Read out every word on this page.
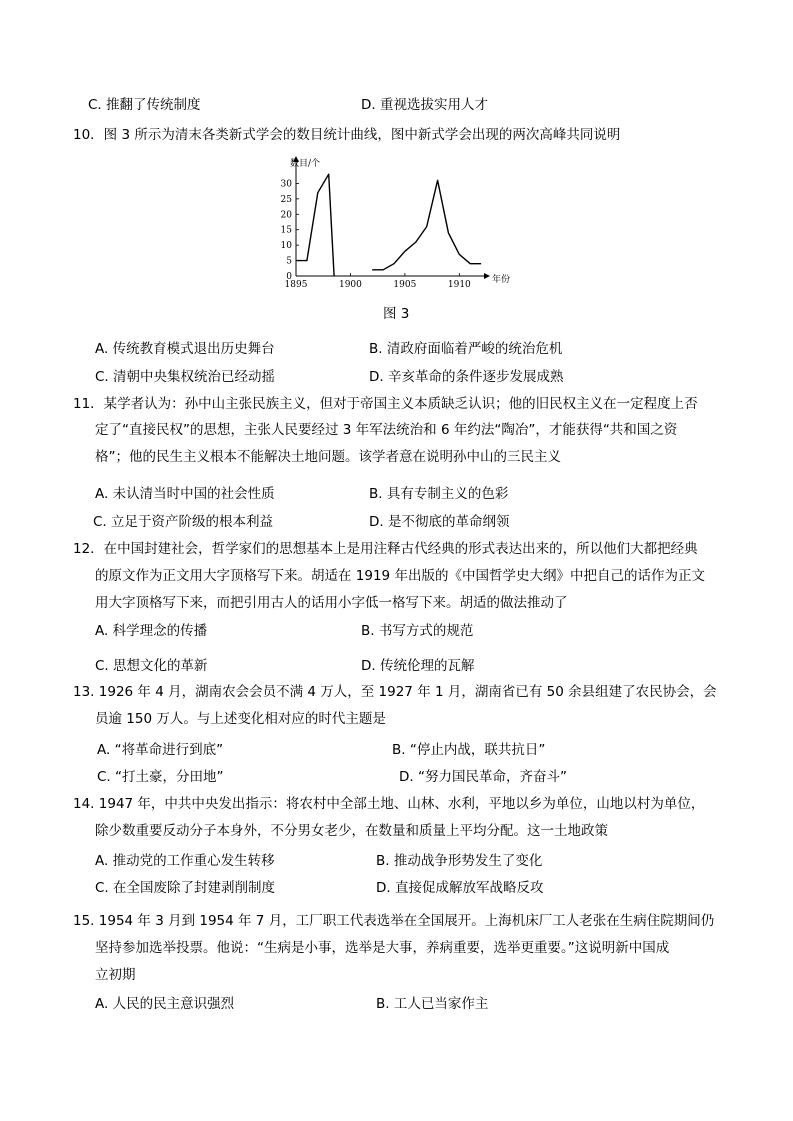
C. 推翻了传统制度	D. 重视选拔实用人才
10．图 3 所示为清末各类新式学会的数目统计曲线，图中新式学会出现的两次高峰共同说明
0
5
10
15
20
25
30
1895	1900	1905	1910
数目/个
年份
图 3
A. 传统教育模式退出历史舞台	B. 清政府面临着严峻的统治危机
C. 清朝中央集权统治已经动摇	D. 辛亥革命的条件逐步发展成熟
11．某学者认为：孙中山主张民族主义，但对于帝国主义本质缺乏认识；他的旧民权主义在一定程度上否
定了“直接民权”的思想，主张人民要经过 3 年军法统治和 6 年约法“陶冶”，才能获得“共和国之资
格”；他的民生主义根本不能解决土地问题。该学者意在说明孙中山的三民主义
A. 未认清当时中国的社会性质	B. 具有专制主义的色彩
C. 立足于资产阶级的根本利益	D. 是不彻底的革命纲领
12．在中国封建社会，哲学家们的思想基本上是用注释古代经典的形式表达出来的，所以他们大都把经典
的原文作为正文用大字顶格写下来。胡适在 1919 年出版的《中国哲学史大纲》中把自己的话作为正文
用大字顶格写下来，而把引用古人的话用小字低一格写下来。胡适的做法推动了
A. 科学理念的传播	B. 书写方式的规范
C. 思想文化的革新	D. 传统伦理的瓦解
13. 1926 年 4 月，湖南农会会员不满 4 万人，至 1927 年 1 月，湖南省已有 50 余县组建了农民协会，会
员逾 150 万人。与上述变化相对应的时代主题是
A. “将革命进行到底”	B. “停止内战，联共抗日”
C. “打土豪，分田地”	D. “努力国民革命，齐奋斗”
14. 1947 年，中共中央发出指示：将农村中全部土地、山林、水利，平地以乡为单位，山地以村为单位，
除少数重要反动分子本身外，不分男女老少，在数量和质量上平均分配。这一土地政策
A. 推动党的工作重心发生转移	B. 推动战争形势发生了变化
C. 在全国废除了封建剥削制度	D. 直接促成解放军战略反攻
15. 1954 年 3 月到 1954 年 7 月，工厂职工代表选举在全国展开。上海机床厂工人老张在生病住院期间仍
坚持参加选举投票。他说：“生病是小事，选举是大事，养病重要，选举更重要。”这说明新中国成
立初期
A. 人民的民主意识强烈	B. 工人已当家作主
